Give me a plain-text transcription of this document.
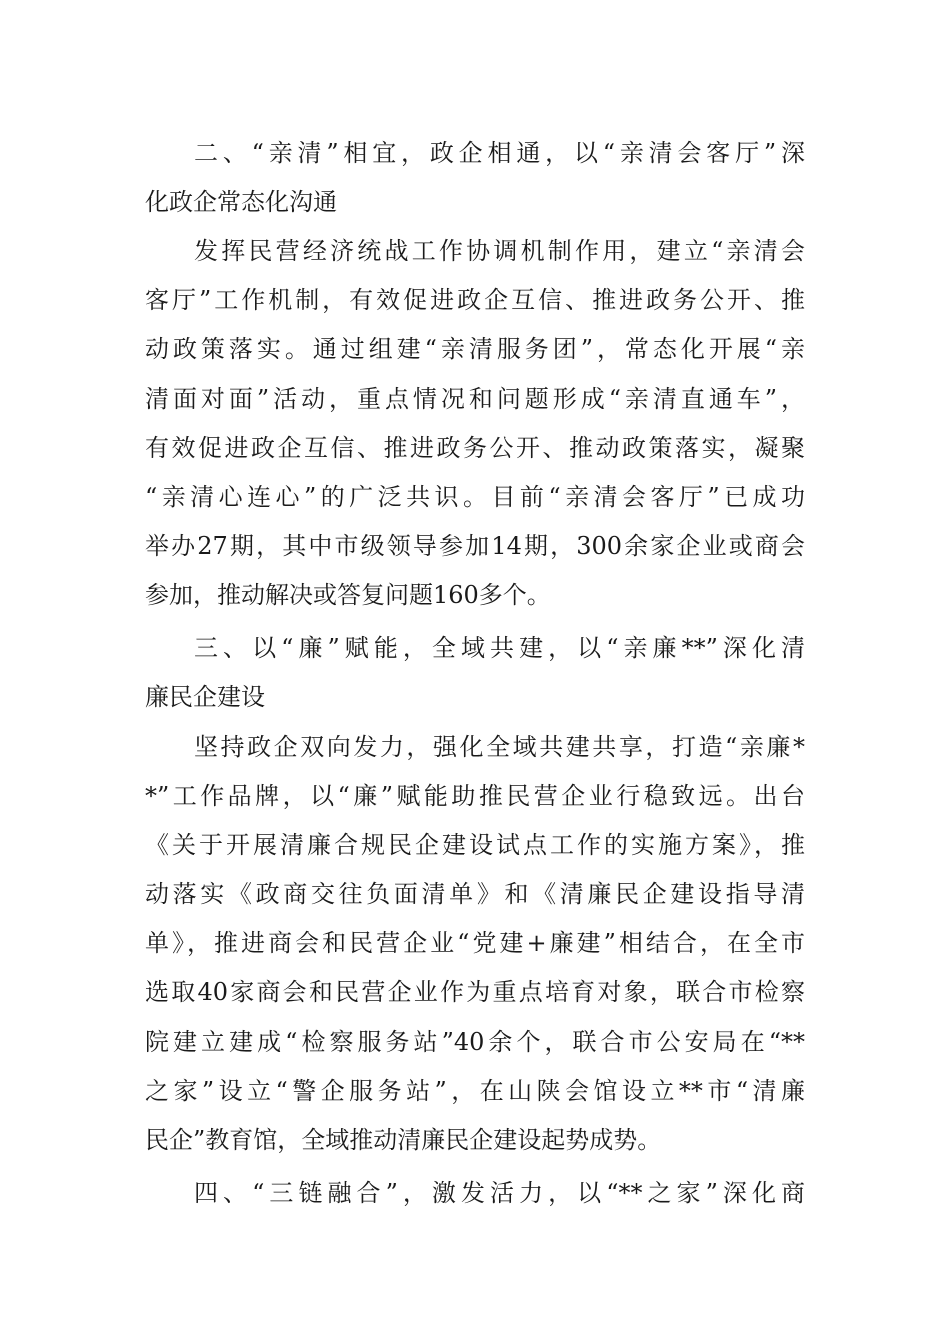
二、“亲清”相宜，政企相通，以“亲清会客厅”深
化政企常态化沟通
发挥民营经济统战工作协调机制作用，建立“亲清会
客厅”工作机制，有效促进政企互信、推进政务公开、推
动政策落实。通过组建“亲清服务团”，常态化开展“亲
清面对面”活动，重点情况和问题形成“亲清直通车”，
有效促进政企互信、推进政务公开、推动政策落实，凝聚
“亲清心连心”的广泛共识。目前“亲清会客厅”已成功
举办27期，其中市级领导参加14期，300余家企业或商会
参加，推动解决或答复问题160多个。
三、以“廉”赋能，全域共建，以“亲廉**”深化清
廉民企建设
坚持政企双向发力，强化全域共建共享，打造“亲廉*
*”工作品牌，以“廉”赋能助推民营企业行稳致远。出台
《关于开展清廉合规民企建设试点工作的实施方案》，推
动落实《政商交往负面清单》和《清廉民企建设指导清
单》，推进商会和民营企业“党建+廉建”相结合，在全市
选取40家商会和民营企业作为重点培育对象，联合市检察
院建立建成“检察服务站”40余个，联合市公安局在“**
之家”设立“警企服务站”，在山陕会馆设立**市“清廉
民企”教育馆，全域推动清廉民企建设起势成势。
四、“三链融合”，激发活力，以“**之家”深化商
